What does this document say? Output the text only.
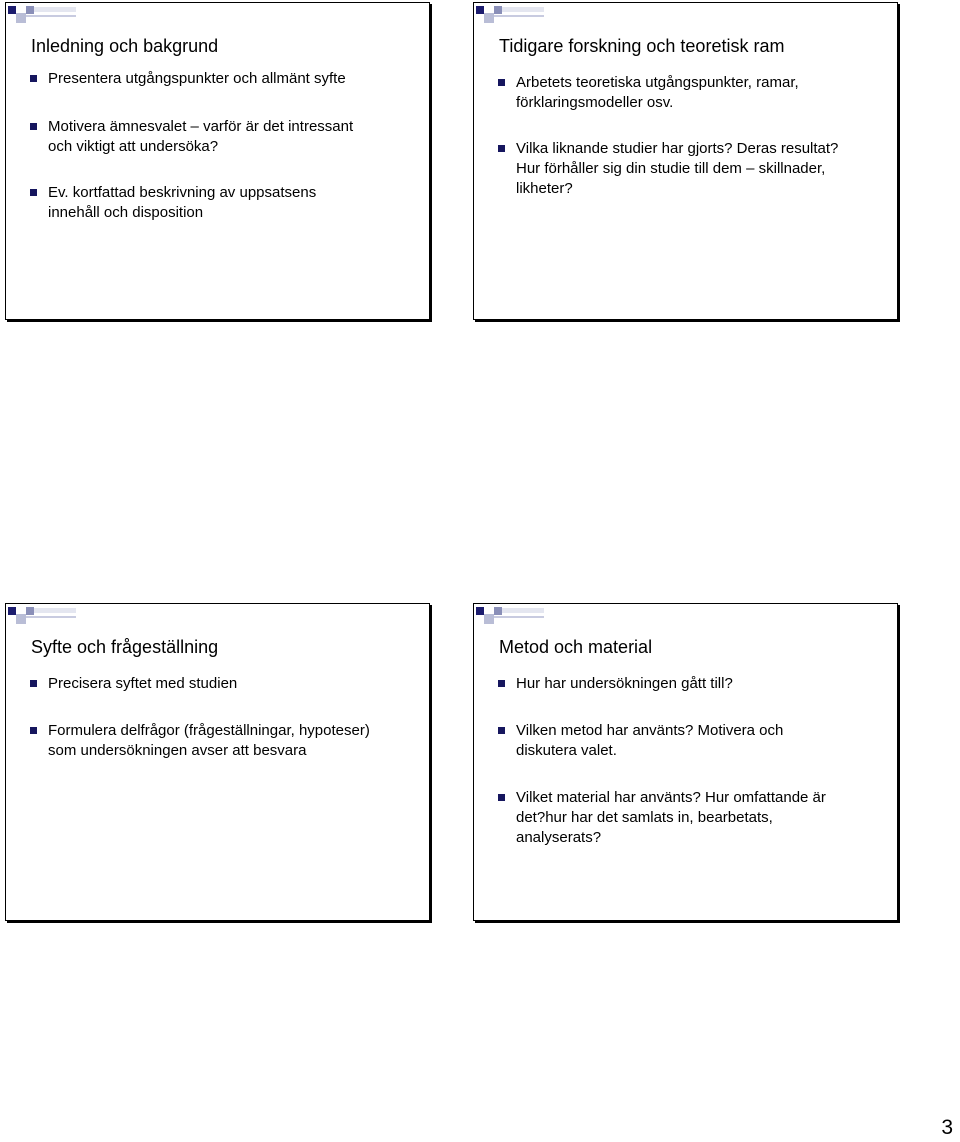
Inledning och bakgrund
Presentera utgångspunkter och allmänt syfte
Motivera ämnesvalet – varför är det intressant
och viktigt att undersöka?
Ev. kortfattad beskrivning av uppsatsens
innehåll och disposition
Tidigare forskning och teoretisk ram
Arbetets teoretiska utgångspunkter, ramar,
förklaringsmodeller osv.
Vilka liknande studier har gjorts? Deras resultat?
Hur förhåller sig din studie till dem – skillnader,
likheter?
Syfte och frågeställning
Precisera syftet med studien
Formulera delfrågor (frågeställningar, hypoteser)
som undersökningen avser att besvara
Metod och material
Hur har undersökningen gått till?
Vilken metod har använts? Motivera och
diskutera valet.
Vilket material har använts? Hur omfattande är
det?hur har det samlats in, bearbetats,
analyserats?
3
